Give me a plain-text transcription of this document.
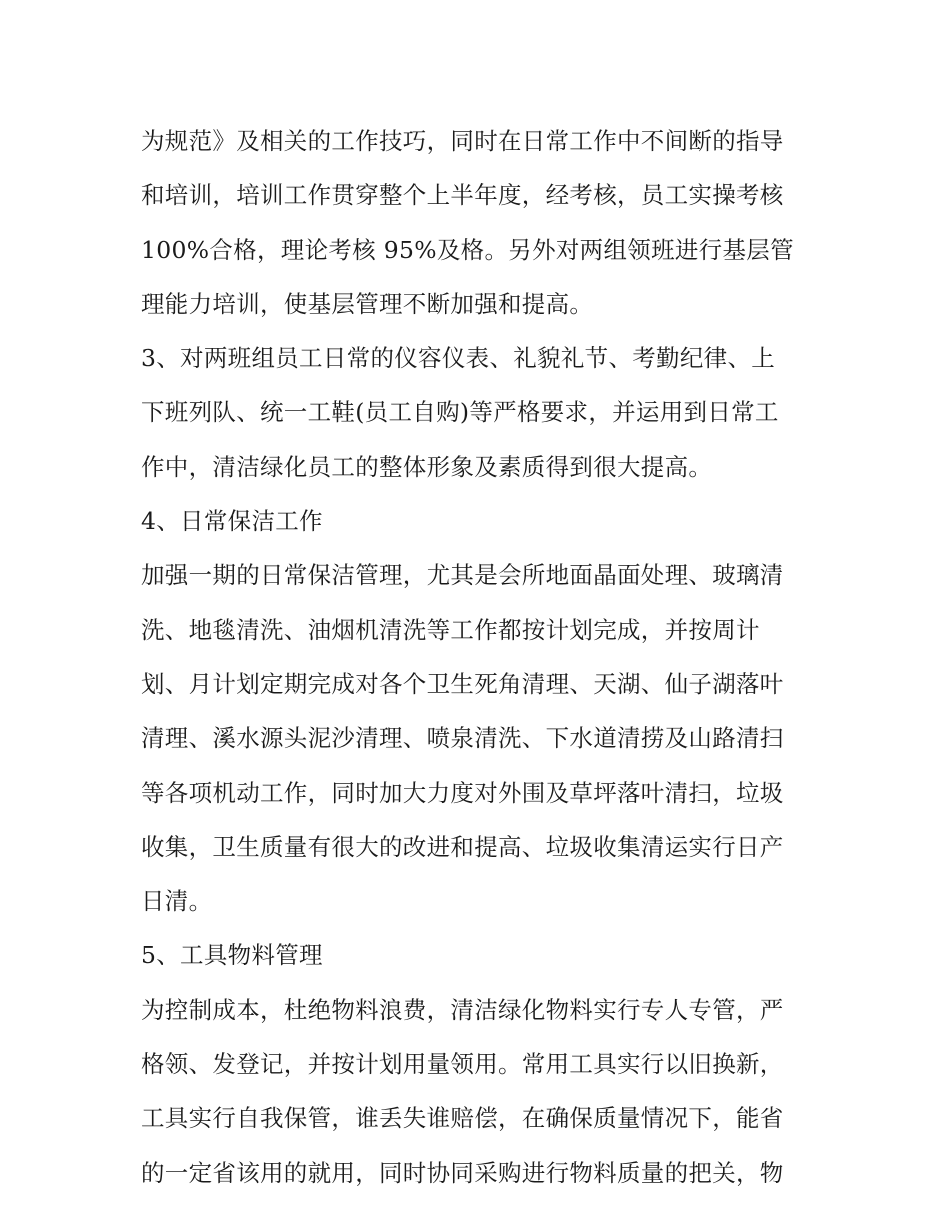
为规范》及相关的工作技巧，同时在日常工作中不间断的指导
和培训，培训工作贯穿整个上半年度，经考核，员工实操考核
100%合格，理论考核 95%及格。另外对两组领班进行基层管
理能力培训，使基层管理不断加强和提高。
3、对两班组员工日常的仪容仪表、礼貌礼节、考勤纪律、上
下班列队、统一工鞋(员工自购)等严格要求，并运用到日常工
作中，清洁绿化员工的整体形象及素质得到很大提高。
4、日常保洁工作
加强一期的日常保洁管理，尤其是会所地面晶面处理、玻璃清
洗、地毯清洗、油烟机清洗等工作都按计划完成，并按周计
划、月计划定期完成对各个卫生死角清理、天湖、仙子湖落叶
清理、溪水源头泥沙清理、喷泉清洗、下水道清捞及山路清扫
等各项机动工作，同时加大力度对外围及草坪落叶清扫，垃圾
收集，卫生质量有很大的改进和提高、垃圾收集清运实行日产
日清。
5、工具物料管理
为控制成本，杜绝物料浪费，清洁绿化物料实行专人专管，严
格领、发登记，并按计划用量领用。常用工具实行以旧换新，
工具实行自我保管，谁丢失谁赔偿，在确保质量情况下，能省
的一定省该用的就用，同时协同采购进行物料质量的把关，物
